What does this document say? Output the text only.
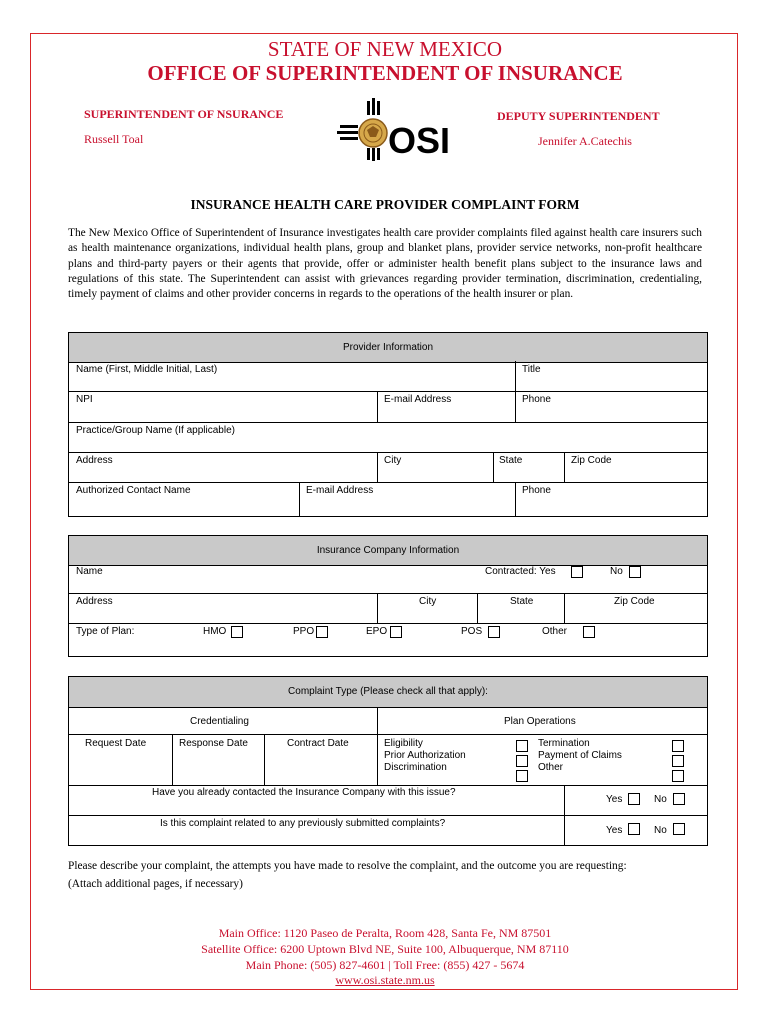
STATE OF NEW MEXICO
OFFICE OF SUPERINTENDENT OF INSURANCE
SUPERINTENDENT OF NSURANCE
Russell Toal
DEPUTY SUPERINTENDENT
Jennifer A.Catechis
OSI
INSURANCE HEALTH CARE PROVIDER COMPLAINT FORM
The New Mexico Office of Superintendent of Insurance investigates health care provider complaints filed against health care insurers such as health maintenance organizations, individual health plans, group and blanket plans, provider service networks, non-profit healthcare plans and third-party payers or their agents that provide, offer or administer health benefit plans subject to the insurance laws and regulations of this state. The Superintendent can assist with grievances regarding provider termination, discrimination, credentialing, timely payment of claims and other provider concerns in regards to the operations of the health insurer or plan.
Provider Information
Name (First, Middle Initial, Last)	Title
NPI	E-mail Address	Phone
Practice/Group Name (If applicable)
Address	City	State	Zip Code
Authorized Contact Name	E-mail Address	Phone
Insurance Company Information
Name	Contracted: Yes	No
Address	City	State	Zip Code
Type of Plan:	HMO	PPO	EPO	POS	Other
Complaint Type (Please check all that apply):
Credentialing	Plan Operations
Request Date	Response Date	Contract Date	Eligibility
Prior Authorization
Discrimination
Termination
Payment of Claims
Other
Have you already contacted the Insurance Company with this issue?
Yes	No
Is this complaint related to any previously submitted complaints?
Yes	No
Please describe your complaint, the attempts you have made to resolve the complaint, and the outcome you are requesting:
(Attach additional pages, if necessary)
Main Office: 1120 Paseo de Peralta, Room 428, Santa Fe, NM 87501
Satellite Office: 6200 Uptown Blvd NE, Suite 100, Albuquerque, NM 87110
Main Phone: (505) 827-4601 | Toll Free: (855) 427 - 5674
www.osi.state.nm.us
